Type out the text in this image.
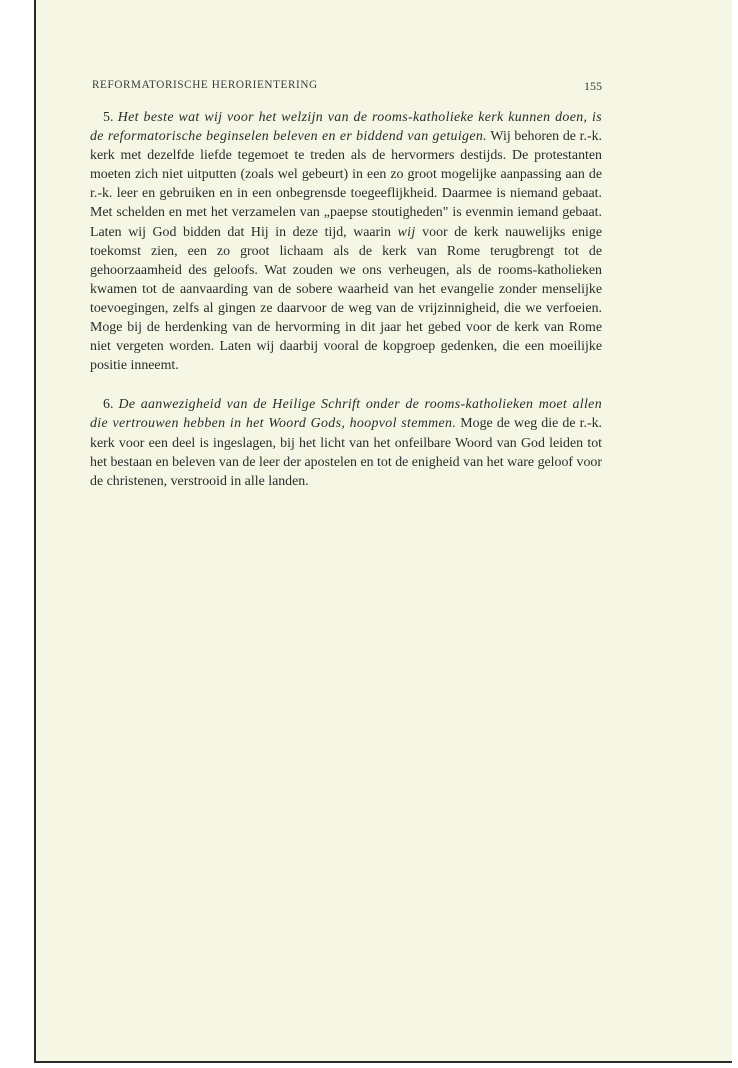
REFORMATORISCHE HERORIENTERING	155

5. Het beste wat wij voor het welzijn van de rooms-katholieke kerk kunnen doen, is de reformatorische beginselen beleven en er biddend van getuigen. Wij behoren de r.-k. kerk met dezelfde liefde tegemoet te treden als de hervormers destijds. De protestanten moeten zich niet uitputten (zoals wel gebeurt) in een zo groot mogelijke aanpassing aan de r.-k. leer en gebruiken en in een onbegrensde toegeeflijkheid. Daarmee is niemand gebaat. Met schelden en met het verzamelen van „paepse stoutigheden" is evenmin iemand gebaat. Laten wij God bidden dat Hij in deze tijd, waarin wij voor de kerk nauwelijks enige toekomst zien, een zo groot lichaam als de kerk van Rome terugbrengt tot de gehoorzaamheid des geloofs. Wat zouden we ons verheugen, als de rooms-katholieken kwamen tot de aanvaarding van de sobere waarheid van het evangelie zonder menselijke toevoegingen, zelfs al gingen ze daarvoor de weg van de vrijzinnigheid, die we verfoeien. Moge bij de herdenking van de hervorming in dit jaar het gebed voor de kerk van Rome niet vergeten worden. Laten wij daarbij vooral de kopgroep gedenken, die een moeilijke positie inneemt.

6. De aanwezigheid van de Heilige Schrift onder de rooms-katholieken moet allen die vertrouwen hebben in het Woord Gods, hoopvol stemmen. Moge de weg die de r.-k. kerk voor een deel is ingeslagen, bij het licht van het onfeilbare Woord van God leiden tot het bestaan en beleven van de leer der apostelen en tot de enigheid van het ware geloof voor de christenen, verstrooid in alle landen.
